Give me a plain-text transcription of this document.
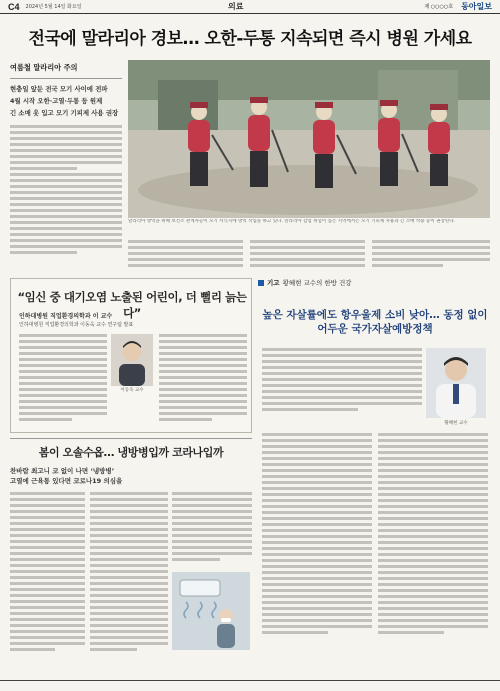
C4 2024년 5월 14일 화요일	의료	제 ○○○○호 동아일보
전국에 말라리아 경보… 오한-두통 지속되면 즉시 병원 가세요
여름철 말라리아 주의
현충일 앞둔 전국 모기 사이에 전파
4월 시작 오한·고열·두통 등 원제
긴 소매 옷 입고 모기 기피제 사용 권장
말라리아 방역을 위해 보건소 관계자들이 모기 서식지에 방역 작업을 하고 있다. 말라리아 감염 위험이 높은 지역에서는 모기 기피제 사용과 긴 소매 착용 등이 권장된다.
“임신 중 대기오염 노출된 어린이, 더 뻘리 늙는다”
인하대병원 직업환경의학과 이 교수
인하대병원 직업환경의학과 이동욱 교수 연구팀 발표
이동욱 교수
기고 황혜현 교수의 한방 건강
높은 자살률에도 항우울제 소비 낮아… 동정 없이 어두운 국가자살예방정책
황혜현 교수
봄이 오솔수옵… 냉방병입까 코라나입까
찬바람 최고니 코 없이 나면 ‘냉방병’
고열에 근육통 있다면 코로나19 의심을
